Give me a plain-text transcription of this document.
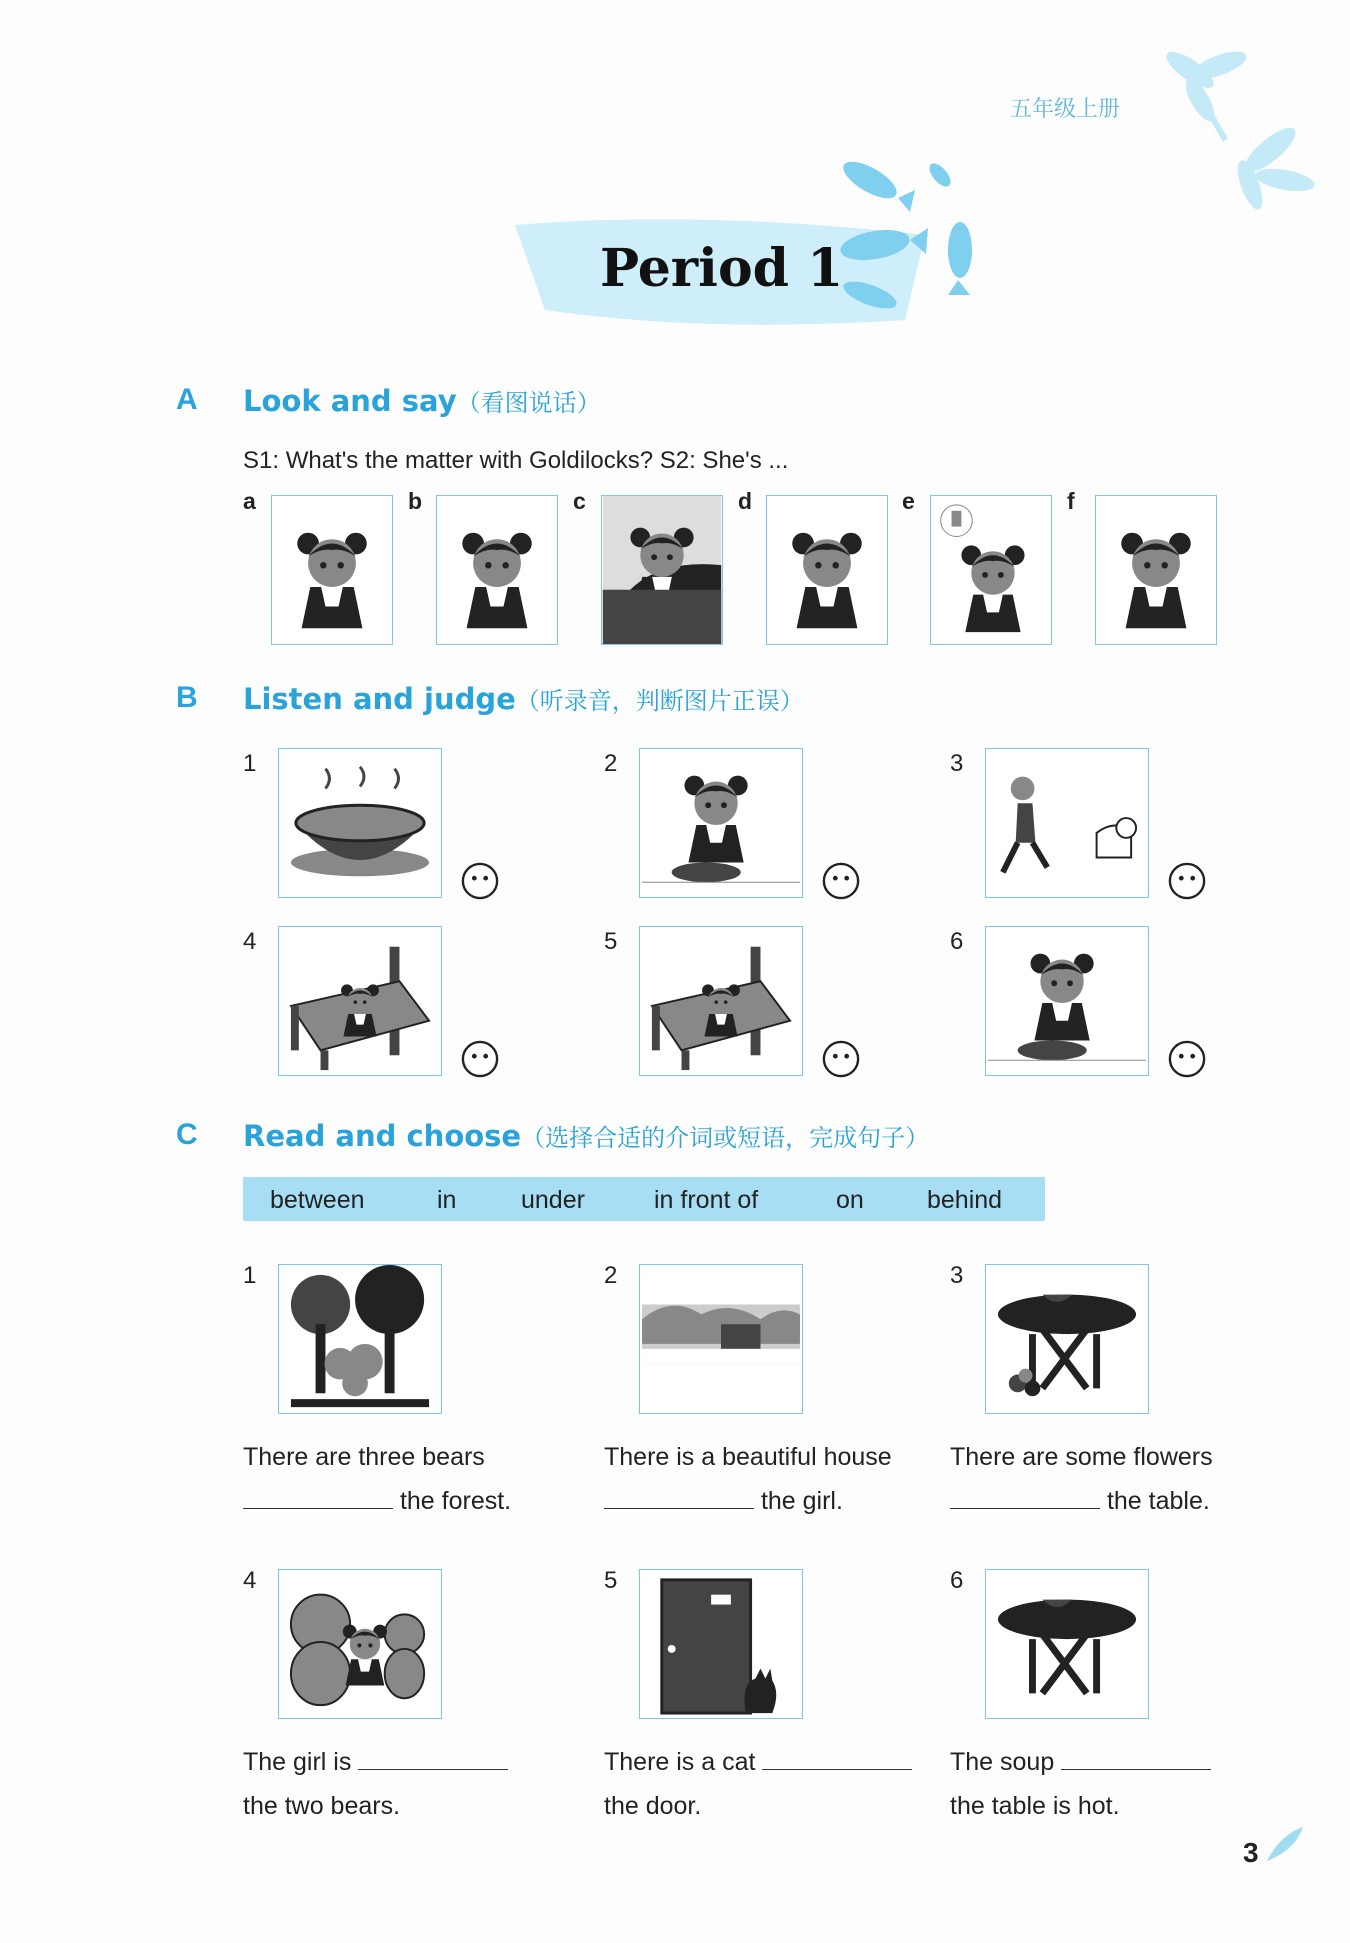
五年级上册
Period 1
A Look and say（看图说话）
S1: What's the matter with Goldilocks? S2: She's ...
a	b	c	d	e	f
B Listen and judge（听录音，判断图片正误）
1	2	3
4	5	6
C Read and choose（选择合适的介词或短语，完成句子）
between	in	under	in front of	on	behind
1
There are three bears
the forest.
2
There is a beautiful house
the girl.
3
There are some flowers
the table.
4
The girl is
the two bears.
5
There is a cat
the door.
6
The soup
the table is hot.
3
